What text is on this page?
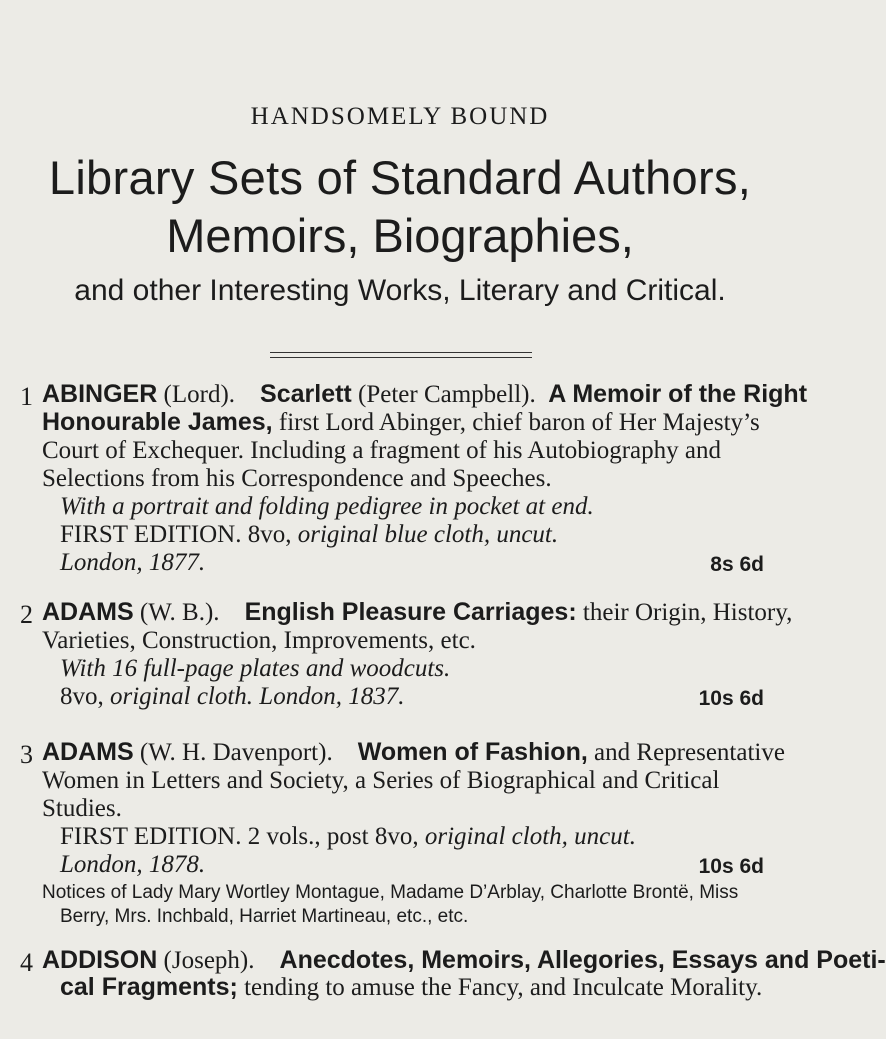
HANDSOMELY BOUND
Library Sets of Standard Authors,
Memoirs, Biographies,
and other Interesting Works, Literary and Critical.
1 ABINGER (Lord).  Scarlett (Peter Campbell).  A Memoir of the Right
Honourable James, first Lord Abinger, chief baron of Her Majesty’s
Court of Exchequer. Including a fragment of his Autobiography and
Selections from his Correspondence and Speeches.
With a portrait and folding pedigree in pocket at end.
FIRST EDITION. 8vo, original blue cloth, uncut.
London, 1877.	8s 6d
2 ADAMS (W. B.).  English Pleasure Carriages: their Origin, History,
Varieties, Construction, Improvements, etc.
With 16 full-page plates and woodcuts.
8vo, original cloth. London, 1837.	10s 6d
3 ADAMS (W. H. Davenport).  Women of Fashion, and Representative
Women in Letters and Society, a Series of Biographical and Critical
Studies.
FIRST EDITION. 2 vols., post 8vo, original cloth, uncut.
London, 1878.	10s 6d
Notices of Lady Mary Wortley Montague, Madame D’Arblay, Charlotte Brontë, Miss
Berry, Mrs. Inchbald, Harriet Martineau, etc., etc.
4 ADDISON (Joseph).  Anecdotes, Memoirs, Allegories, Essays and Poeti-
cal Fragments; tending to amuse the Fancy, and Inculcate Morality.
